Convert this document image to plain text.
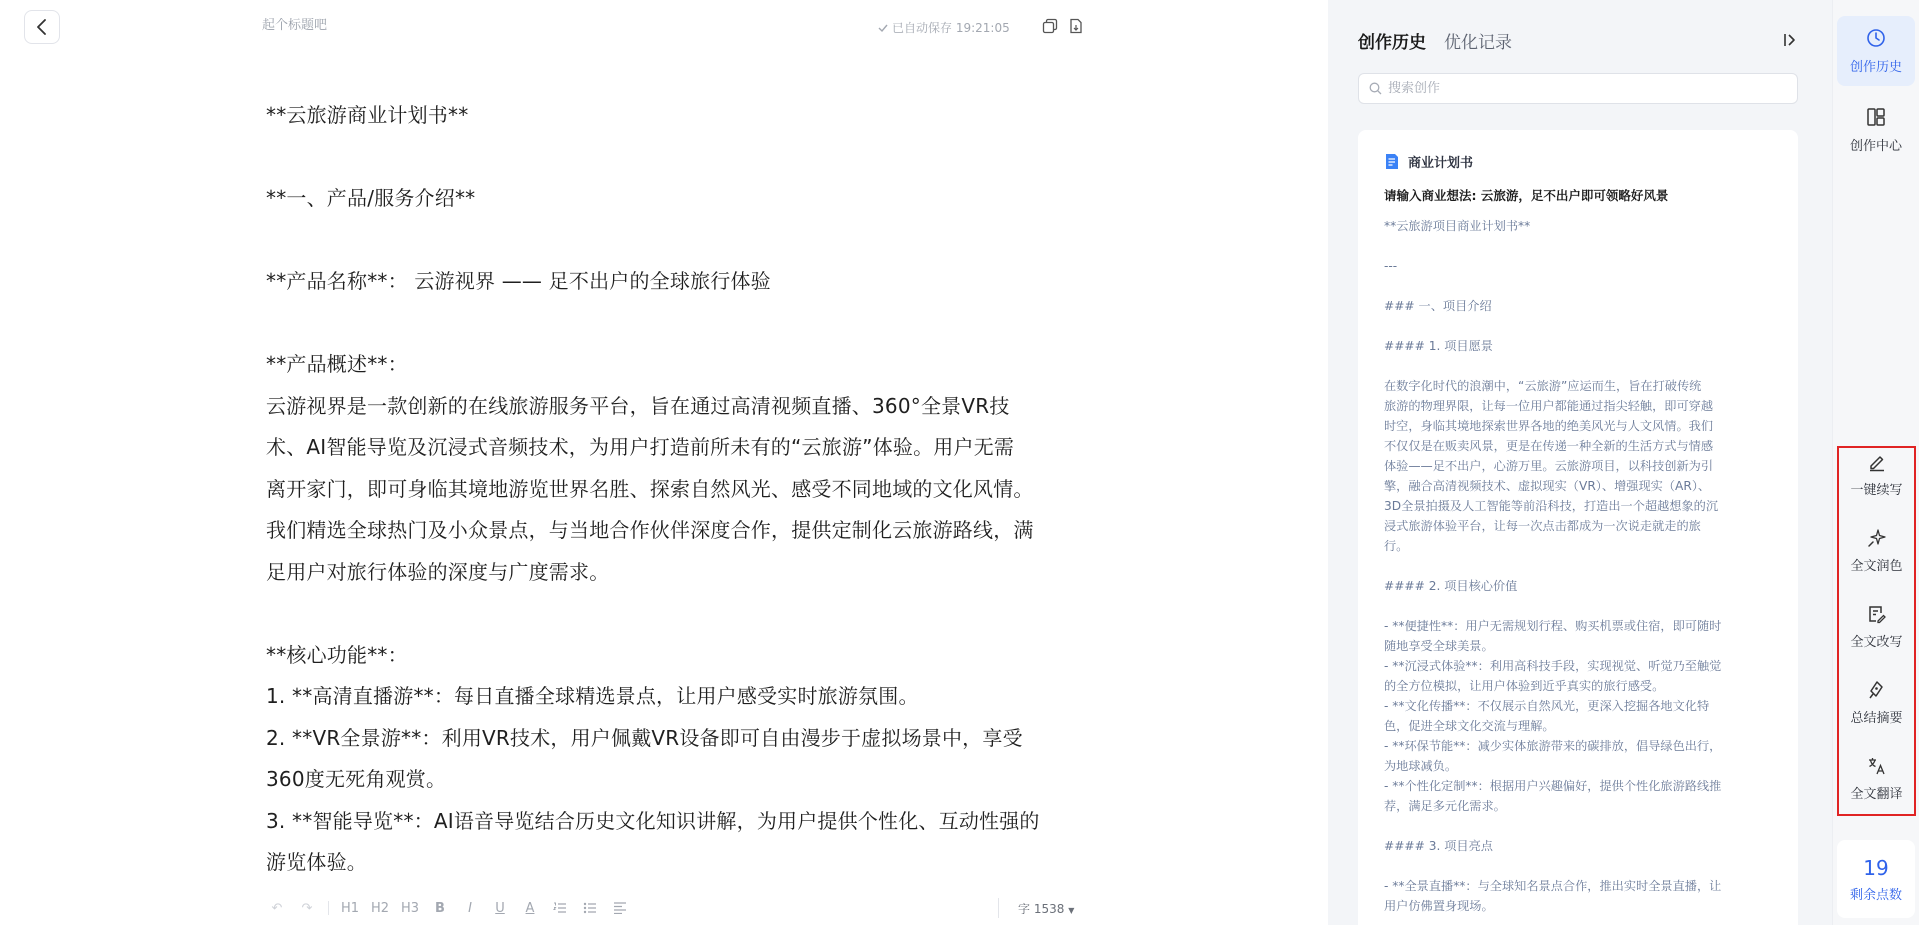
起个标题吧
已自动保存 19:21:05

**云旅游商业计划书**

**一、产品/服务介绍**

**产品名称**： 云游视界 —— 足不出户的全球旅行体验

**产品概述**：

云游视界是一款创新的在线旅游服务平台，旨在通过高清视频直播、360°全景VR技

术、AI智能导览及沉浸式音频技术，为用户打造前所未有的“云旅游”体验。用户无需

离开家门，即可身临其境地游览世界名胜、探索自然风光、感受不同地域的文化风情。

我们精选全球热门及小众景点，与当地合作伙伴深度合作，提供定制化云旅游路线，满

足用户对旅行体验的深度与广度需求。

**核心功能**：

1. **高清直播游**：每日直播全球精选景点，让用户感受实时旅游氛围。

2. **VR全景游**：利用VR技术，用户佩戴VR设备即可自由漫步于虚拟场景中，享受

360度无死角观赏。

3. **智能导览**：AI语音导览结合历史文化知识讲解，为用户提供个性化、互动性强的

游览体验。

↶	↷	H1 H2 H3	B	I	U	A	字 1538 ▼
创作历史 优化记录
搜索创作
商业计划书
请输入商业想法: 云旅游，足不出户即可领略好风景

**云旅游项目商业计划书**

---

### 一、项目介绍

#### 1. 项目愿景

在数字化时代的浪潮中，“云旅游”应运而生，旨在打破传统

旅游的物理界限，让每一位用户都能通过指尖轻触，即可穿越

时空，身临其境地探索世界各地的绝美风光与人文风情。我们

不仅仅是在贩卖风景，更是在传递一种全新的生活方式与情感

体验——足不出户，心游万里。云旅游项目，以科技创新为引

擎，融合高清视频技术、虚拟现实（VR）、增强现实（AR）、

3D全景拍摄及人工智能等前沿科技，打造出一个超越想象的沉

浸式旅游体验平台，让每一次点击都成为一次说走就走的旅

行。

#### 2. 项目核心价值

- **便捷性**：用户无需规划行程、购买机票或住宿，即可随时

随地享受全球美景。

- **沉浸式体验**：利用高科技手段，实现视觉、听觉乃至触觉

的全方位模拟，让用户体验到近乎真实的旅行感受。

- **文化传播**：不仅展示自然风光，更深入挖掘各地文化特

色，促进全球文化交流与理解。

- **环保节能**：减少实体旅游带来的碳排放，倡导绿色出行，

为地球减负。

- **个性化定制**：根据用户兴趣偏好，提供个性化旅游路线推

荐，满足多元化需求。

#### 3. 项目亮点

- **全景直播**：与全球知名景点合作，推出实时全景直播，让

用户仿佛置身现场。

创作历史
创作中心
一键续写
全文润色
全文改写
总结摘要
全文翻译
19
剩余点数
